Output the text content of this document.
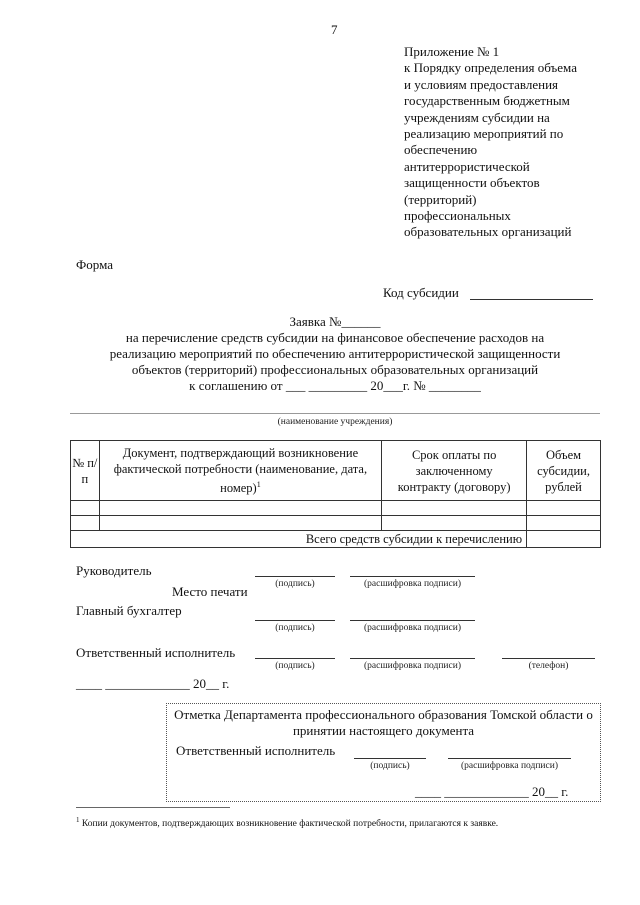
7
Приложение № 1
к Порядку определения объема
и условиям предоставления
государственным бюджетным
учреждениям субсидии на
реализацию мероприятий по
обеспечению
антитеррористической
защищенности объектов
(территорий)
профессиональных
образовательных организаций
Форма
Код субсидии
Заявка №______
на перечисление средств субсидии на финансовое обеспечение расходов на
реализацию мероприятий по обеспечению антитеррористической защищенности
объектов (территорий) профессиональных образовательных организаций
к соглашению от ___ _________ 20___г. № ________
(наименование учреждения)
№ п/п	Документ, подтверждающий возникновение фактической потребности (наименование, дата, номер)$^1$	Срок оплаты по заключенному контракту (договору)	Объем субсидии, рублей

Всего средств субсидии к перечислению			
Руководитель
(подпись)	(расшифровка подписи)
Место печати
Главный бухгалтер
(подпись)	(расшифровка подписи)
Ответственный исполнитель
(подпись)	(расшифровка подписи)	(телефон)
____ _____________ 20__ г.
Отметка Департамента профессионального образования Томской области о
принятии настоящего документа
Ответственный исполнитель
(подпись)	(расшифровка подписи)
____ _____________ 20__ г.
$^1$ Копии документов, подтверждающих возникновение фактической потребности, прилагаются к заявке.
